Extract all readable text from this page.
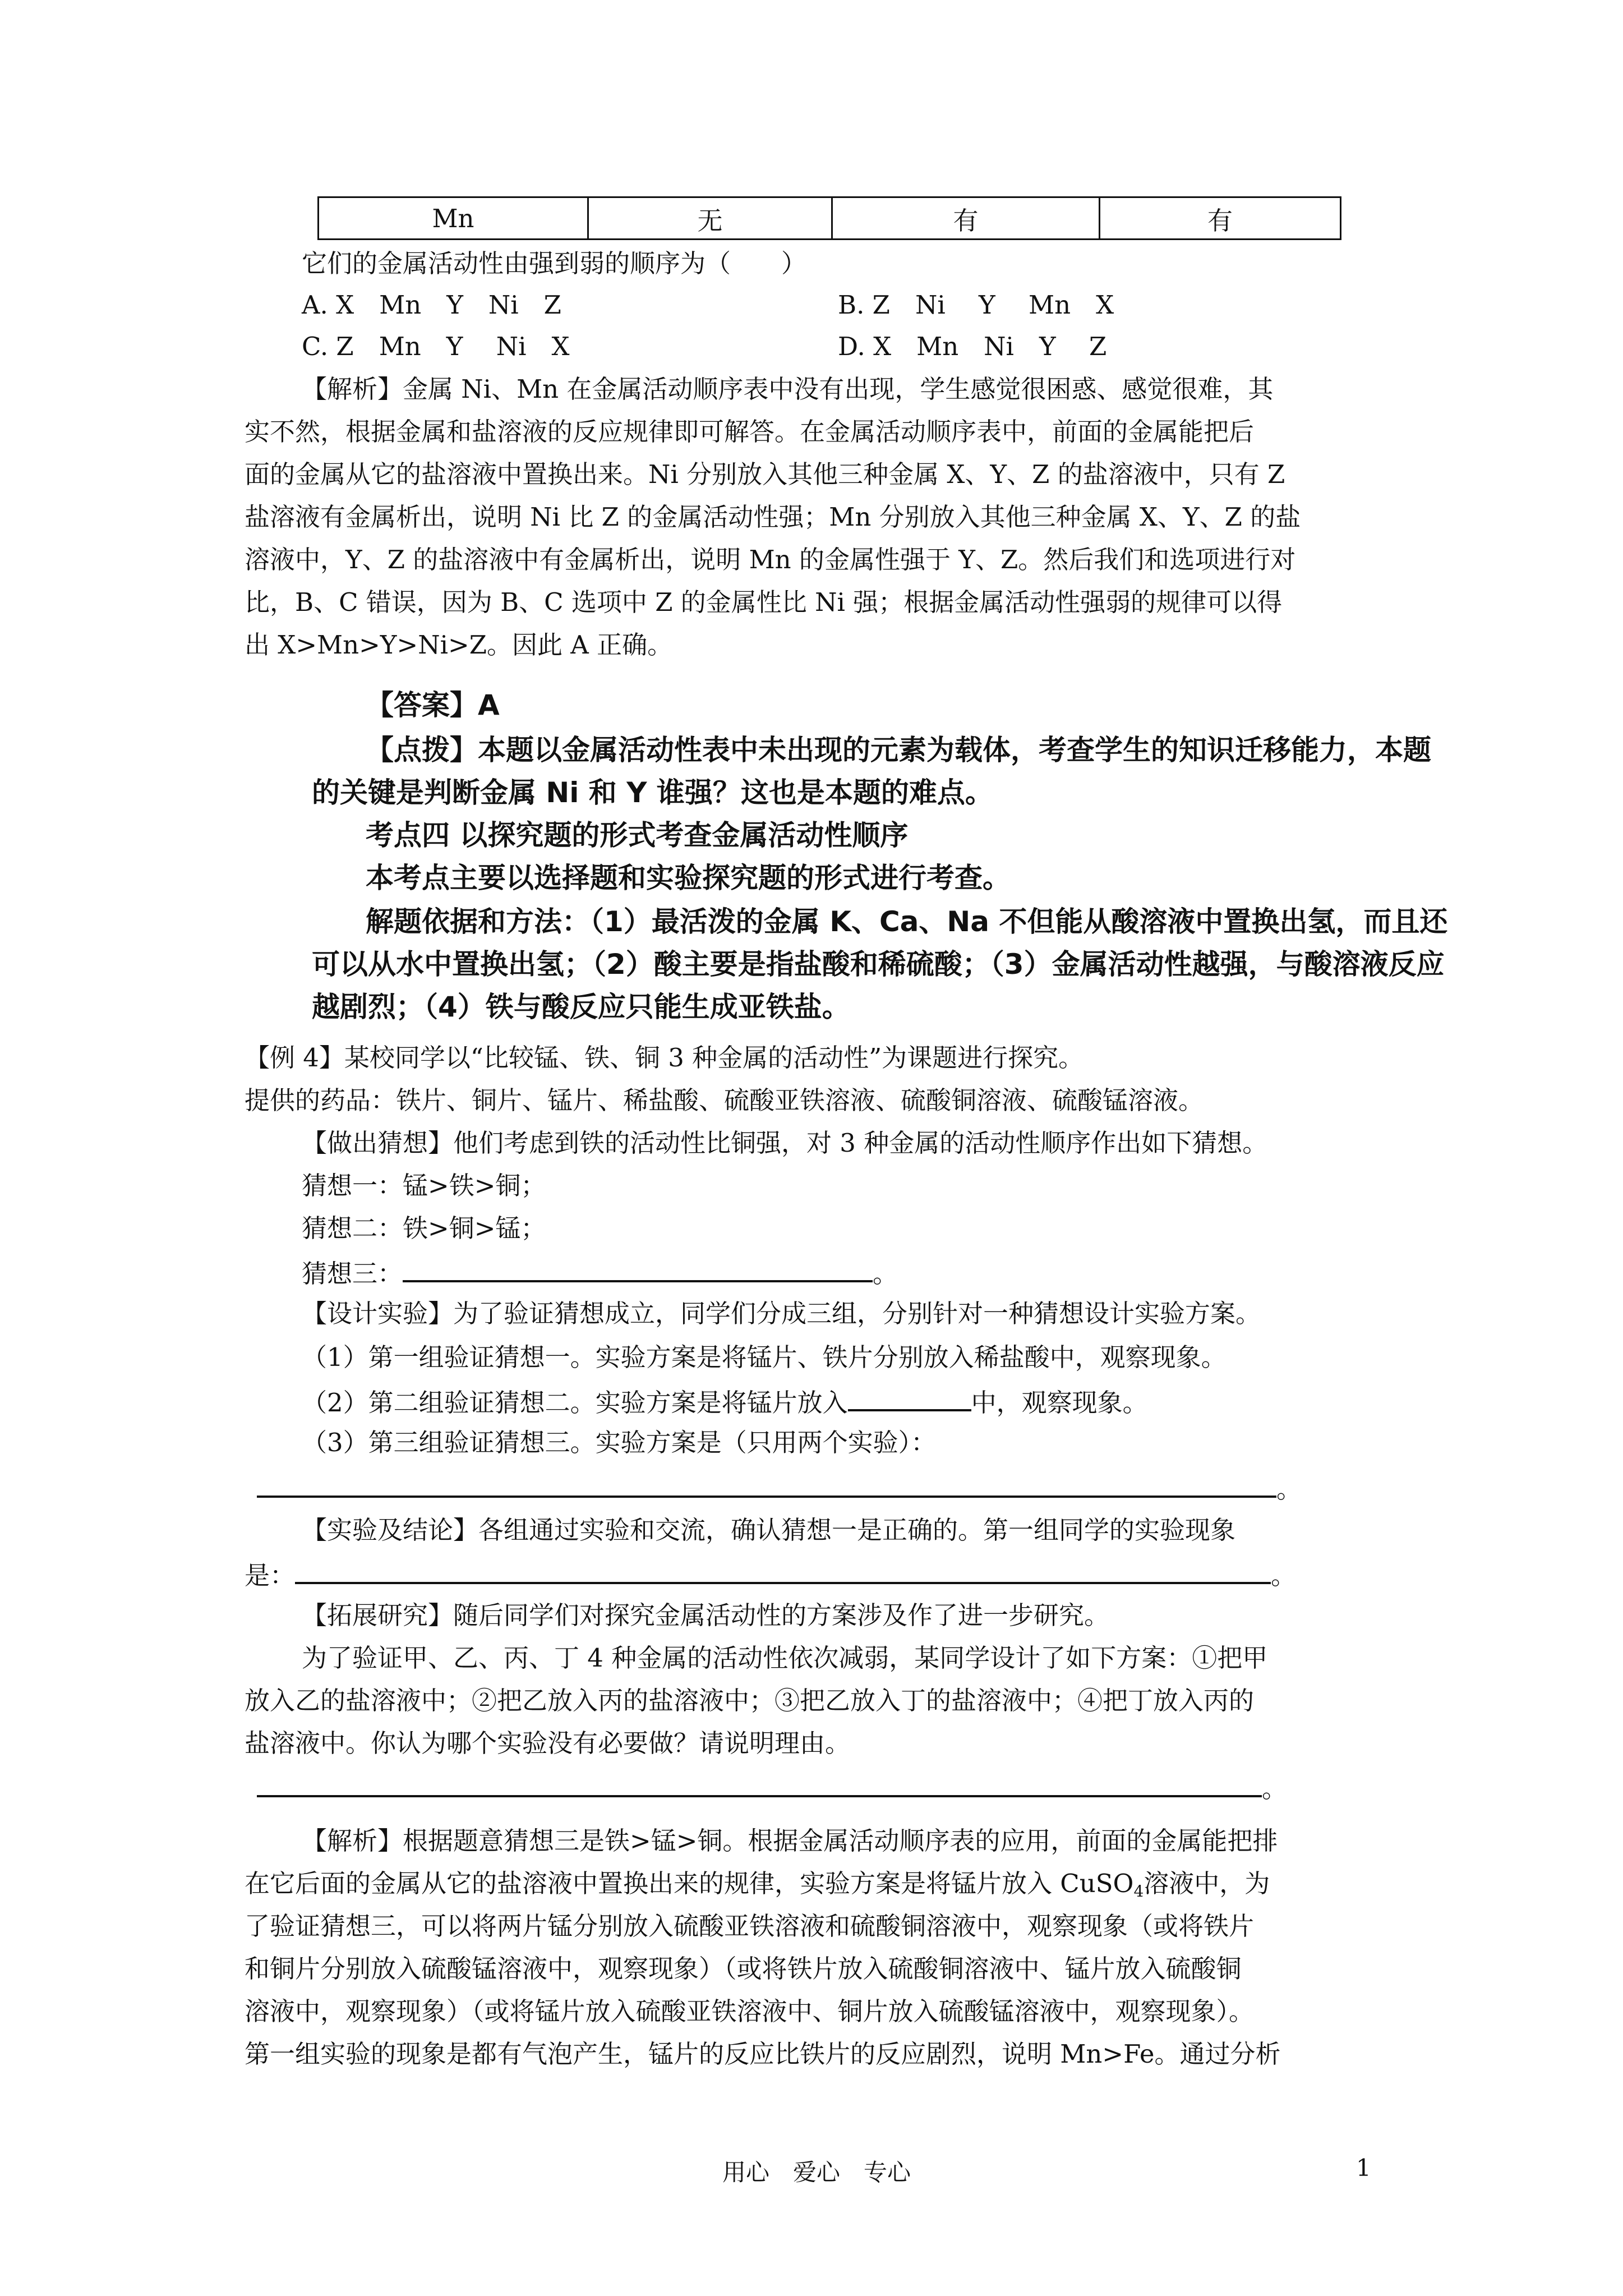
Mn	无	有	有
它们的金属活动性由强到弱的顺序为（　　）
A. X　Mn　Y　Ni　Z	B. Z　Ni　 Y　 Mn　X
C. Z　Mn　Y　 Ni　X	D. X　Mn　Ni　Y　 Z
【解析】金属 Ni、Mn 在金属活动顺序表中没有出现，学生感觉很困惑、感觉很难，其
实不然，根据金属和盐溶液的反应规律即可解答。在金属活动顺序表中，前面的金属能把后
面的金属从它的盐溶液中置换出来。Ni 分别放入其他三种金属 X、Y、Z 的盐溶液中，只有 Z
盐溶液有金属析出，说明 Ni 比 Z 的金属活动性强；Mn 分别放入其他三种金属 X、Y、Z 的盐
溶液中，Y、Z 的盐溶液中有金属析出，说明 Mn 的金属性强于 Y、Z。然后我们和选项进行对
比，B、C 错误，因为 B、C 选项中 Z 的金属性比 Ni 强；根据金属活动性强弱的规律可以得
出 X>Mn>Y>Ni>Z。因此 A 正确。
【答案】A
【点拨】本题以金属活动性表中未出现的元素为载体，考查学生的知识迁移能力，本题
的关键是判断金属 Ni 和 Y 谁强？这也是本题的难点。
考点四 以探究题的形式考查金属活动性顺序
本考点主要以选择题和实验探究题的形式进行考查。
解题依据和方法：（1）最活泼的金属 K、Ca、Na 不但能从酸溶液中置换出氢，而且还
可以从水中置换出氢；（2）酸主要是指盐酸和稀硫酸；（3）金属活动性越强，与酸溶液反应
越剧烈；（4）铁与酸反应只能生成亚铁盐。
【例 4】某校同学以“比较锰、铁、铜 3 种金属的活动性”为课题进行探究。
提供的药品：铁片、铜片、锰片、稀盐酸、硫酸亚铁溶液、硫酸铜溶液、硫酸锰溶液。
【做出猜想】他们考虑到铁的活动性比铜强，对 3 种金属的活动性顺序作出如下猜想。
猜想一：锰>铁>铜；
猜想二：铁>铜>锰；
猜想三：	。
【设计实验】为了验证猜想成立，同学们分成三组，分别针对一种猜想设计实验方案。
（1）第一组验证猜想一。实验方案是将锰片、铁片分别放入稀盐酸中，观察现象。
（2）第二组验证猜想二。实验方案是将锰片放入	中，观察现象。
（3）第三组验证猜想三。实验方案是（只用两个实验）：
。
【实验及结论】各组通过实验和交流，确认猜想一是正确的。第一组同学的实验现象
是：	。
【拓展研究】随后同学们对探究金属活动性的方案涉及作了进一步研究。
为了验证甲、乙、丙、丁 4 种金属的活动性依次减弱，某同学设计了如下方案：①把甲
放入乙的盐溶液中；②把乙放入丙的盐溶液中；③把乙放入丁的盐溶液中；④把丁放入丙的
盐溶液中。你认为哪个实验没有必要做？请说明理由。
。
【解析】根据题意猜想三是铁>锰>铜。根据金属活动顺序表的应用，前面的金属能把排
在它后面的金属从它的盐溶液中置换出来的规律，实验方案是将锰片放入 CuSO$_4$溶液中，为
了验证猜想三，可以将两片锰分别放入硫酸亚铁溶液和硫酸铜溶液中，观察现象（或将铁片
和铜片分别放入硫酸锰溶液中，观察现象）（或将铁片放入硫酸铜溶液中、锰片放入硫酸铜
溶液中，观察现象）（或将锰片放入硫酸亚铁溶液中、铜片放入硫酸锰溶液中，观察现象）。
第一组实验的现象是都有气泡产生，锰片的反应比铁片的反应剧烈，说明 Mn>Fe。通过分析
用心　爱心　专心	1
